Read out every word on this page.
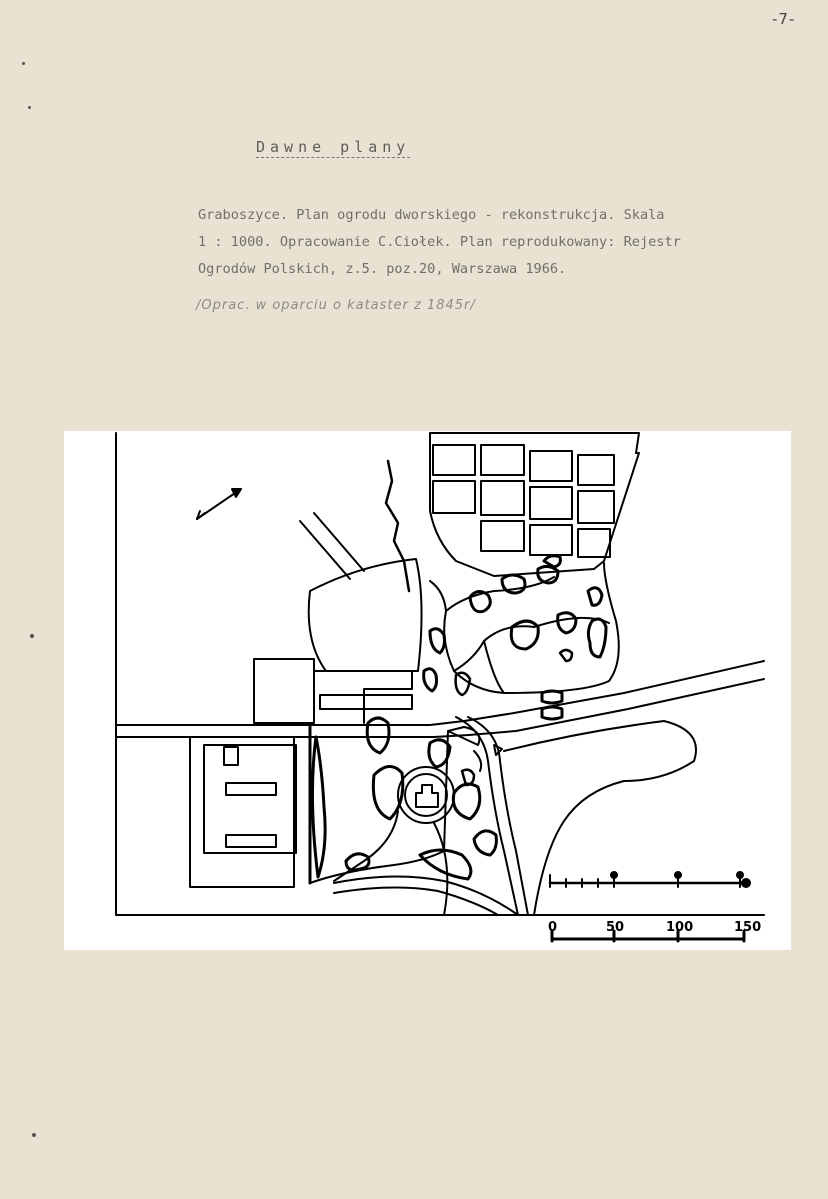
-7-
Dawne plany
Graboszyce. Plan ogrodu dworskiego - rekonstrukcja. Skala
1 : 1000. Opracowanie C.Ciołek. Plan reprodukowany: Rejestr
Ogrodów Polskich, z.5. poz.20, Warszawa 1966.
/Oprac. w oparciu o kataster z 1845r/
0	50	100	150
